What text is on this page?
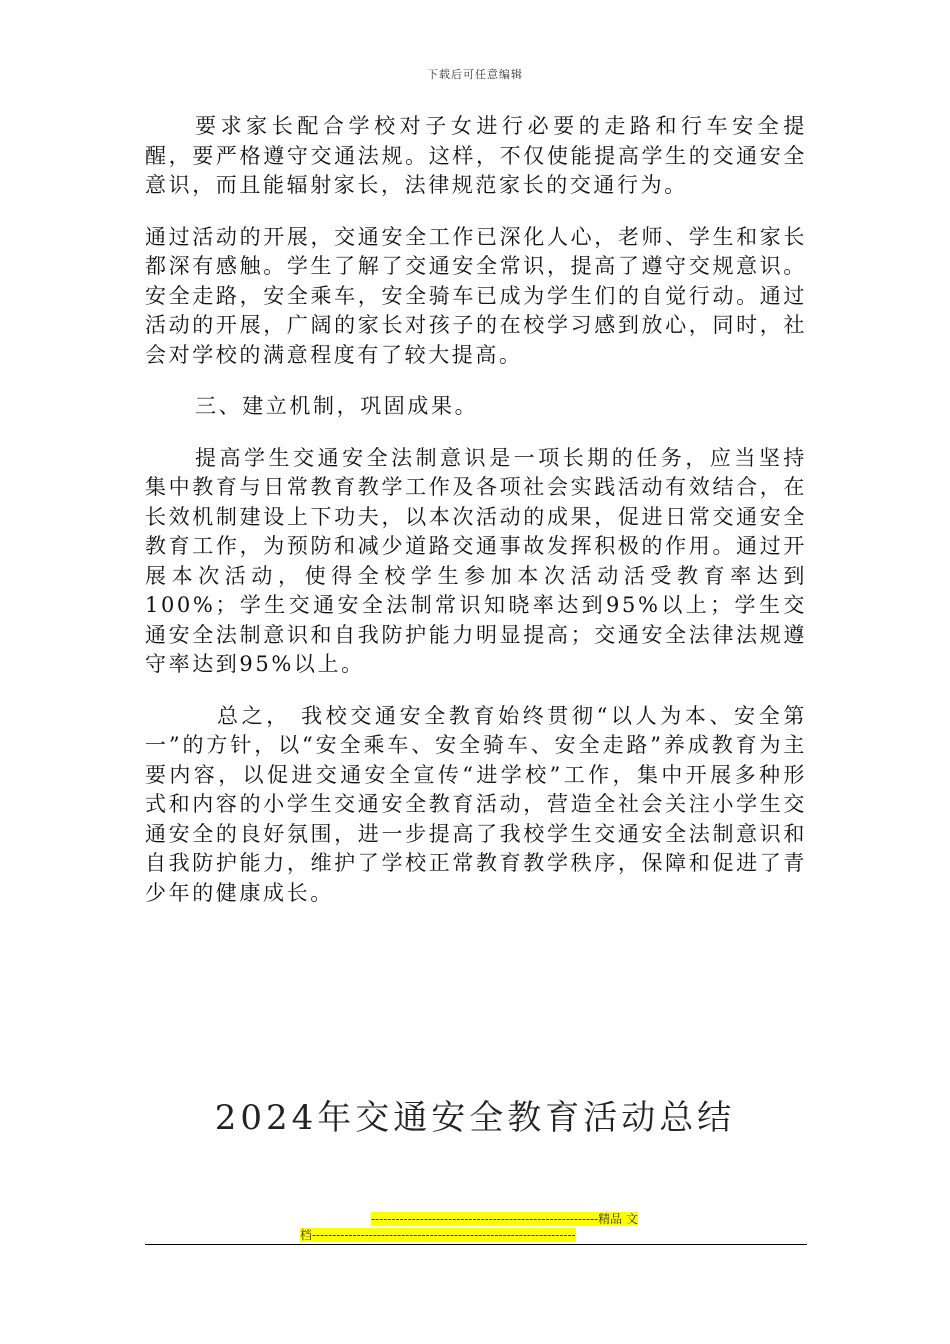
下载后可任意编辑

要求家长配合学校对子女进行必要的走路和行车安全提醒，要严格遵守交通法规。这样，不仅使能提高学生的交通安全意识，而且能辐射家长，法律规范家长的交通行为。

通过活动的开展，交通安全工作已深化人心，老师、学生和家长都深有感触。学生了解了交通安全常识，提高了遵守交规意识。安全走路，安全乘车，安全骑车已成为学生们的自觉行动。通过活动的开展，广阔的家长对孩子的在校学习感到放心，同时，社会对学校的满意程度有了较大提高。

三、建立机制，巩固成果。

提高学生交通安全法制意识是一项长期的任务，应当坚持集中教育与日常教育教学工作及各项社会实践活动有效结合，在长效机制建设上下功夫，以本次活动的成果，促进日常交通安全教育工作，为预防和减少道路交通事故发挥积极的作用。通过开展本次活动，使得全校学生参加本次活动活受教育率达到100%；学生交通安全法制常识知晓率达到95%以上；学生交通安全法制意识和自我防护能力明显提高；交通安全法律法规遵守率达到95%以上。

总之， 我校交通安全教育始终贯彻“以人为本、安全第一”的方针，以“安全乘车、安全骑车、安全走路”养成教育为主要内容，以促进交通安全宣传“进学校”工作，集中开展多种形式和内容的小学生交通安全教育活动，营造全社会关注小学生交通安全的良好氛围，进一步提高了我校学生交通安全法制意识和自我防护能力，维护了学校正常教育教学秩序，保障和促进了青少年的健康成长。

2024年交通安全教育活动总结
--------------------------------------------------------精品 文
档-----------------------------------------------------------------
